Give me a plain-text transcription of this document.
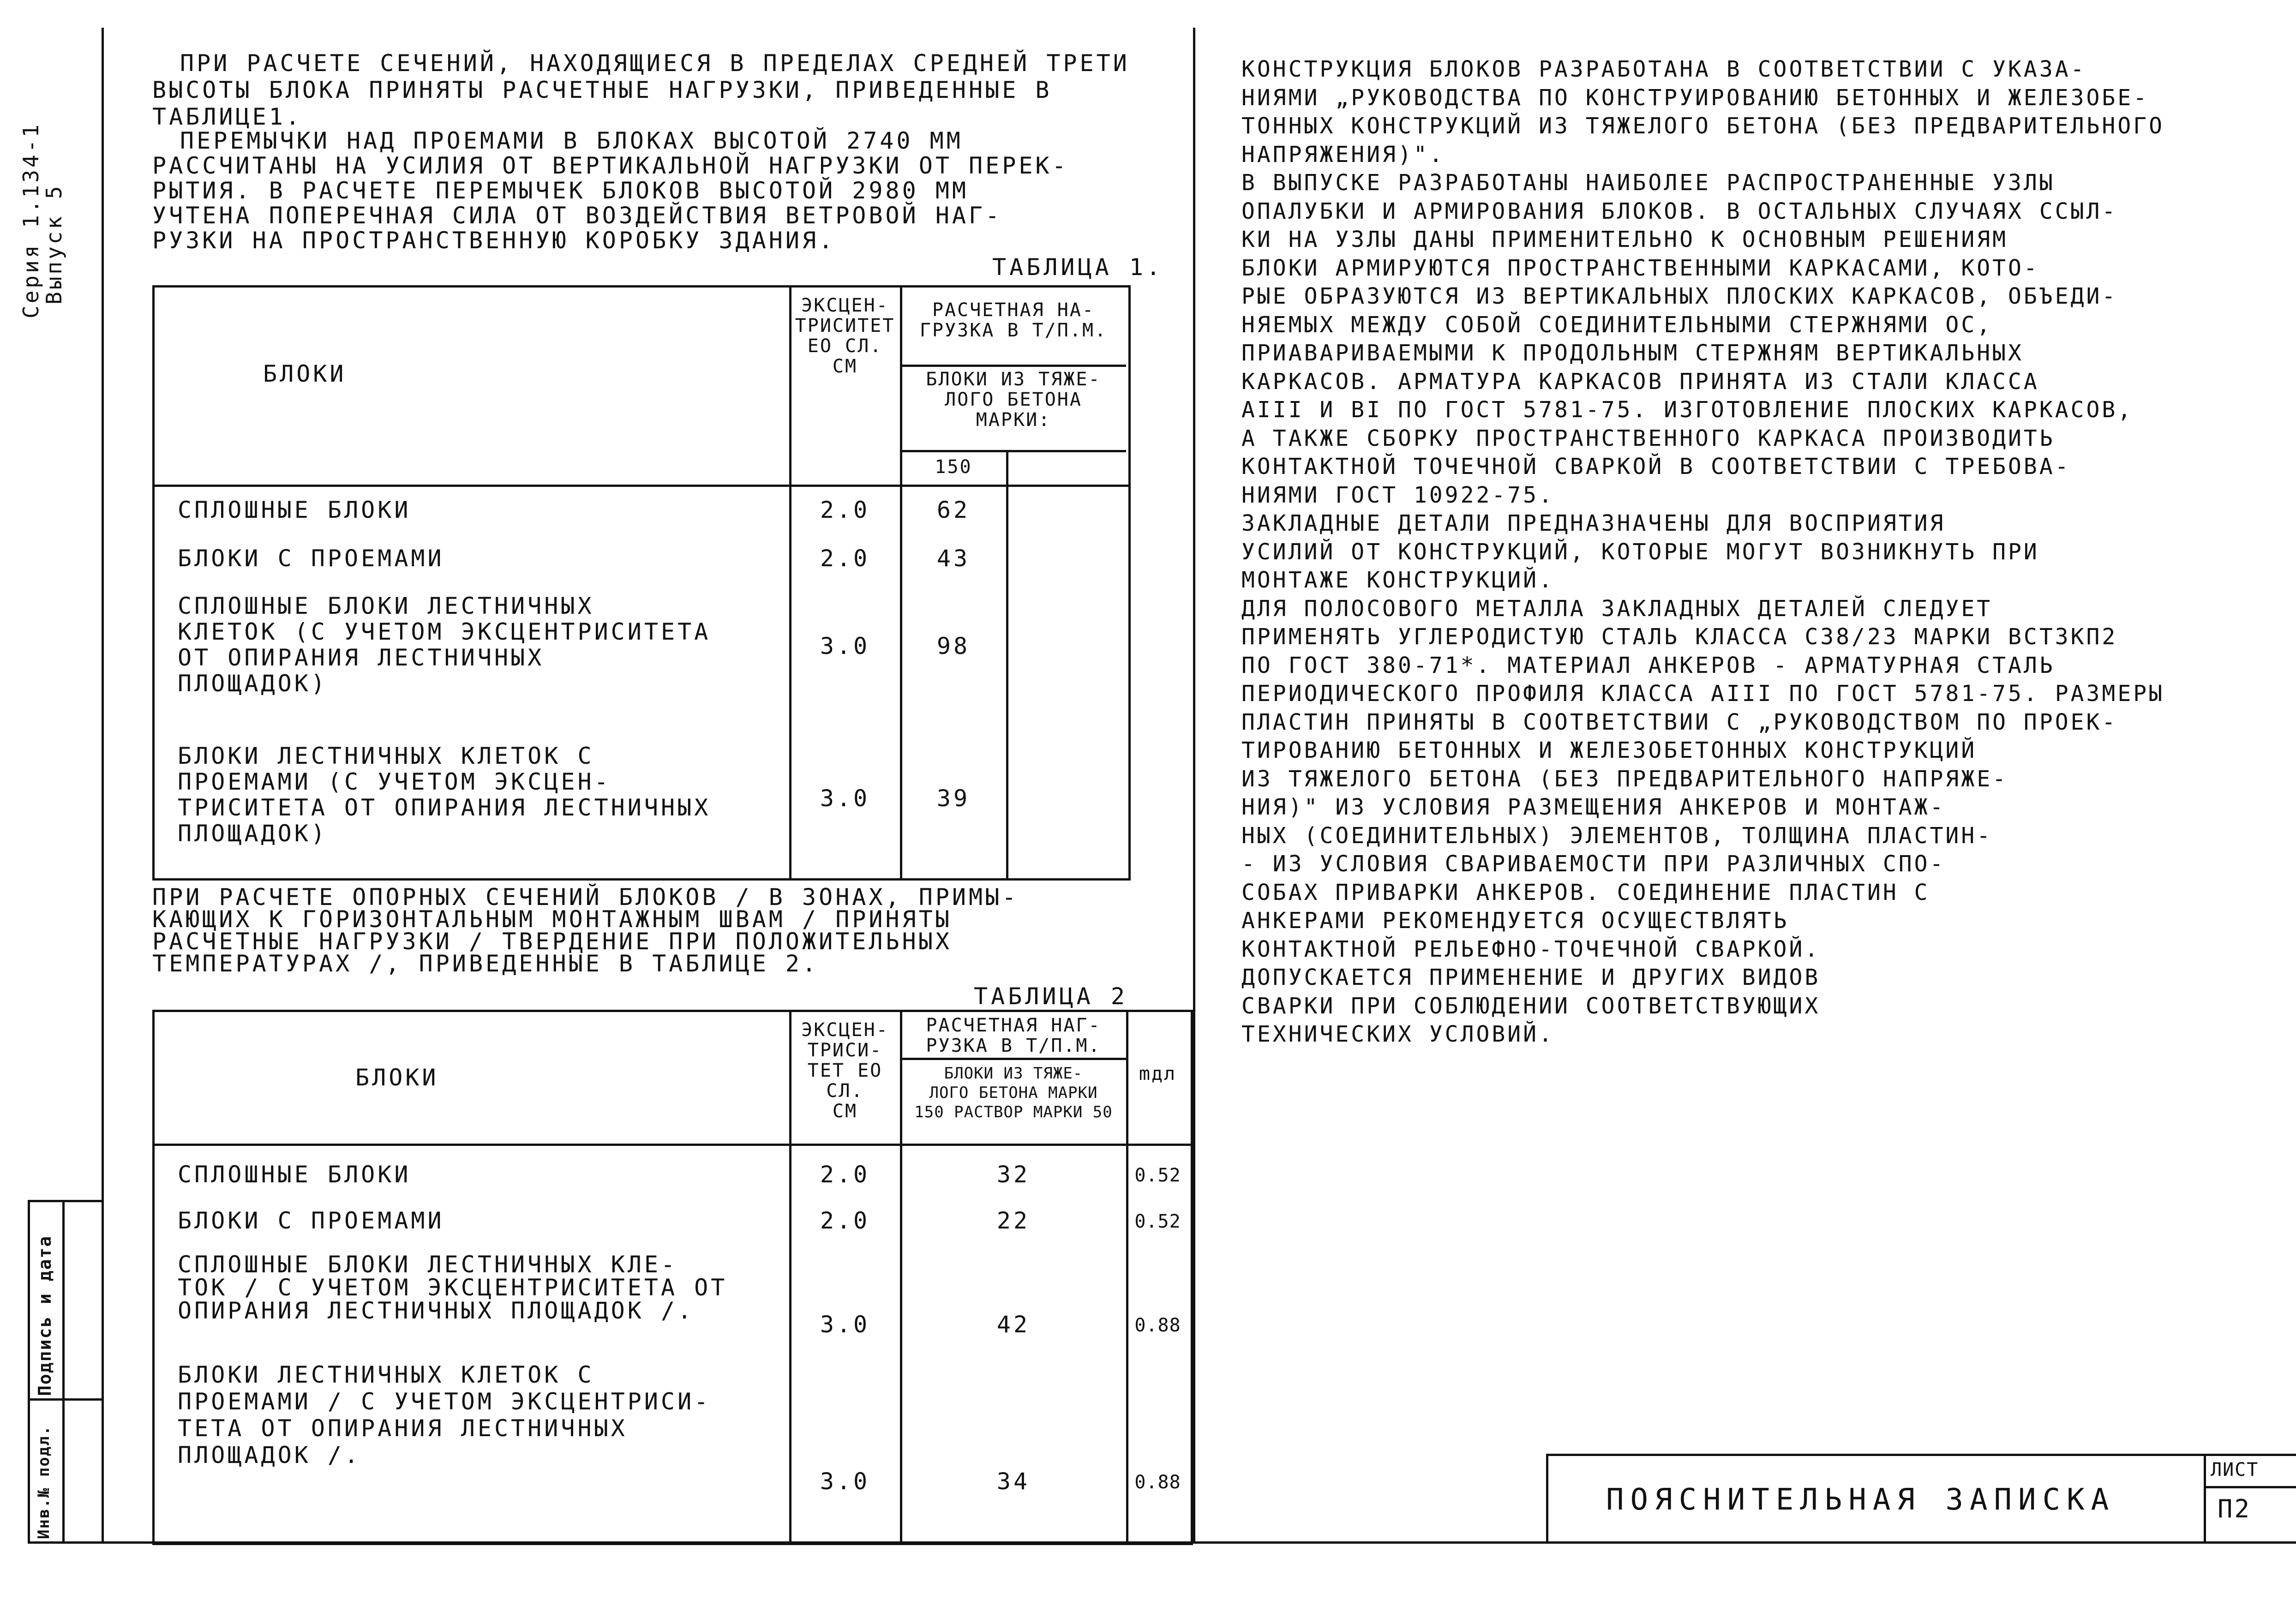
Серия 1.134-1
Выпуск 5
Подпись и дата
Инв.№ подл.
ПРИ РАСЧЕТЕ СЕЧЕНИЙ, НАХОДЯЩИЕСЯ В ПРЕДЕЛАХ СРЕДНЕЙ ТРЕТИ
ВЫСОТЫ БЛОКА ПРИНЯТЫ РАСЧЕТНЫЕ НАГРУЗКИ, ПРИВЕДЕННЫЕ В ТАБЛИЦЕ1.
ПЕРЕМЫЧКИ НАД ПРОЕМАМИ В БЛОКАХ ВЫСОТОЙ 2740 ММ
РАССЧИТАНЫ НА УСИЛИЯ ОТ ВЕРТИКАЛЬНОЙ НАГРУЗКИ ОТ ПЕРЕК-
РЫТИЯ. В РАСЧЕТЕ ПЕРЕМЫЧЕК БЛОКОВ ВЫСОТОЙ 2980 ММ
УЧТЕНА ПОПЕРЕЧНАЯ СИЛА ОТ ВОЗДЕЙСТВИЯ ВЕТРОВОЙ НАГ-
РУЗКИ НА ПРОСТРАНСТВЕННУЮ КОРОБКУ ЗДАНИЯ.
ТАБЛИЦА 1.
БЛОКИ
ЭКСЦЕН-
ТРИСИТЕТ
EО СЛ.
СМ
РАСЧЕТНАЯ НА-
ГРУЗКА В Т/П.М.
БЛОКИ ИЗ ТЯЖЕ-
ЛОГО БЕТОНА
МАРКИ:
150
СПЛОШНЫЕ БЛОКИ	2.0	62
БЛОКИ С ПРОЕМАМИ	2.0	43
СПЛОШНЫЕ БЛОКИ ЛЕСТНИЧНЫХ
КЛЕТОК (С УЧЕТОМ ЭКСЦЕНТРИСИТЕТА
ОТ ОПИРАНИЯ ЛЕСТНИЧНЫХ
ПЛОЩАДОК)
3.0	98
БЛОКИ ЛЕСТНИЧНЫХ КЛЕТОК С
ПРОЕМАМИ (С УЧЕТОМ ЭКСЦЕН-
ТРИСИТЕТА ОТ ОПИРАНИЯ ЛЕСТНИЧНЫХ
ПЛОЩАДОК)
3.0	39
ПРИ РАСЧЕТЕ ОПОРНЫХ СЕЧЕНИЙ БЛОКОВ / В ЗОНАХ, ПРИМЫ-
КАЮЩИХ К ГОРИЗОНТАЛЬНЫМ МОНТАЖНЫМ ШВАМ / ПРИНЯТЫ
РАСЧЕТНЫЕ НАГРУЗКИ / ТВЕРДЕНИЕ ПРИ ПОЛОЖИТЕЛЬНЫХ
ТЕМПЕРАТУРАХ /, ПРИВЕДЕННЫЕ В ТАБЛИЦЕ 2.
ТАБЛИЦА 2
БЛОКИ
ЭКСЦЕН-
ТРИСИ-
ТЕТ EО СЛ.
СМ
РАСЧЕТНАЯ НАГ-
РУЗКА В Т/П.М.
БЛОКИ ИЗ ТЯЖЕ-
ЛОГО БЕТОНА МАРКИ
150 РАСТВОР МАРКИ 50
mдл
СПЛОШНЫЕ БЛОКИ	2.0	32	0.52
БЛОКИ С ПРОЕМАМИ	2.0	22	0.52
СПЛОШНЫЕ БЛОКИ ЛЕСТНИЧНЫХ КЛЕ-
ТОК / С УЧЕТОМ ЭКСЦЕНТРИСИТЕТА ОТ
ОПИРАНИЯ ЛЕСТНИЧНЫХ ПЛОЩАДОК /.
3.0	42	0.88
БЛОКИ ЛЕСТНИЧНЫХ КЛЕТОК С
ПРОЕМАМИ / С УЧЕТОМ ЭКСЦЕНТРИСИ-
ТЕТА ОТ ОПИРАНИЯ ЛЕСТНИЧНЫХ
ПЛОЩАДОК /.
3.0	34	0.88
КОНСТРУКЦИЯ БЛОКОВ РАЗРАБОТАНА В СООТВЕТСТВИИ С УКАЗА-
НИЯМИ „РУКОВОДСТВА ПО КОНСТРУИРОВАНИЮ БЕТОННЫХ И ЖЕЛЕЗОБЕ-
ТОННЫХ КОНСТРУКЦИЙ ИЗ ТЯЖЕЛОГО БЕТОНА (БЕЗ ПРЕДВАРИТЕЛЬНОГО
НАПРЯЖЕНИЯ)".
В ВЫПУСКЕ РАЗРАБОТАНЫ НАИБОЛЕЕ РАСПРОСТРАНЕННЫЕ УЗЛЫ
ОПАЛУБКИ И АРМИРОВАНИЯ БЛОКОВ. В ОСТАЛЬНЫХ СЛУЧАЯХ ССЫЛ-
КИ НА УЗЛЫ ДАНЫ ПРИМЕНИТЕЛЬНО К ОСНОВНЫМ РЕШЕНИЯМ
БЛОКИ АРМИРУЮТСЯ ПРОСТРАНСТВЕННЫМИ КАРКАСАМИ, КОТО-
РЫЕ ОБРАЗУЮТСЯ ИЗ ВЕРТИКАЛЬНЫХ ПЛОСКИХ КАРКАСОВ, ОБЪЕДИ-
НЯЕМЫХ МЕЖДУ СОБОЙ СОЕДИНИТЕЛЬНЫМИ СТЕРЖНЯМИ ОС,
ПРИАВАРИВАЕМЫМИ К ПРОДОЛЬНЫМ СТЕРЖНЯМ ВЕРТИКАЛЬНЫХ
КАРКАСОВ. АРМАТУРА КАРКАСОВ ПРИНЯТА ИЗ СТАЛИ КЛАССА
АIII И ВI ПО ГОСТ 5781-75. ИЗГОТОВЛЕНИЕ ПЛОСКИХ КАРКАСОВ,
А ТАКЖЕ СБОРКУ ПРОСТРАНСТВЕННОГО КАРКАСА ПРОИЗВОДИТЬ
КОНТАКТНОЙ ТОЧЕЧНОЙ СВАРКОЙ В СООТВЕТСТВИИ С ТРЕБОВА-
НИЯМИ ГОСТ 10922-75.
ЗАКЛАДНЫЕ ДЕТАЛИ ПРЕДНАЗНАЧЕНЫ ДЛЯ ВОСПРИЯТИЯ
УСИЛИЙ ОТ КОНСТРУКЦИЙ, КОТОРЫЕ МОГУТ ВОЗНИКНУТЬ ПРИ
МОНТАЖЕ КОНСТРУКЦИЙ.
ДЛЯ ПОЛОСОВОГО МЕТАЛЛА ЗАКЛАДНЫХ ДЕТАЛЕЙ СЛЕДУЕТ
ПРИМЕНЯТЬ УГЛЕРОДИСТУЮ СТАЛЬ КЛАССА С38/23 МАРКИ ВСТ3КП2
ПО ГОСТ 380-71*. МАТЕРИАЛ АНКЕРОВ - АРМАТУРНАЯ СТАЛЬ
ПЕРИОДИЧЕСКОГО ПРОФИЛЯ КЛАССА АIII ПО ГОСТ 5781-75. РАЗМЕРЫ
ПЛАСТИН ПРИНЯТЫ В СООТВЕТСТВИИ С „РУКОВОДСТВОМ ПО ПРОЕК-
ТИРОВАНИЮ БЕТОННЫХ И ЖЕЛЕЗОБЕТОННЫХ КОНСТРУКЦИЙ
ИЗ ТЯЖЕЛОГО БЕТОНА (БЕЗ ПРЕДВАРИТЕЛЬНОГО НАПРЯЖЕ-
НИЯ)" ИЗ УСЛОВИЯ РАЗМЕЩЕНИЯ АНКЕРОВ И МОНТАЖ-
НЫХ (СОЕДИНИТЕЛЬНЫХ) ЭЛЕМЕНТОВ, ТОЛЩИНА ПЛАСТИН-
- ИЗ УСЛОВИЯ СВАРИВАЕМОСТИ ПРИ РАЗЛИЧНЫХ СПО-
СОБАХ ПРИВАРКИ АНКЕРОВ. СОЕДИНЕНИЕ ПЛАСТИН С
АНКЕРАМИ РЕКОМЕНДУЕТСЯ ОСУЩЕСТВЛЯТЬ
КОНТАКТНОЙ РЕЛЬЕФНО-ТОЧЕЧНОЙ СВАРКОЙ.
ДОПУСКАЕТСЯ ПРИМЕНЕНИЕ И ДРУГИХ ВИДОВ
СВАРКИ ПРИ СОБЛЮДЕНИИ СООТВЕТСТВУЮЩИХ
ТЕХНИЧЕСКИХ УСЛОВИЙ.
ПОЯСНИТЕЛЬНАЯ ЗАПИСКА
ЛИСТ
П2
